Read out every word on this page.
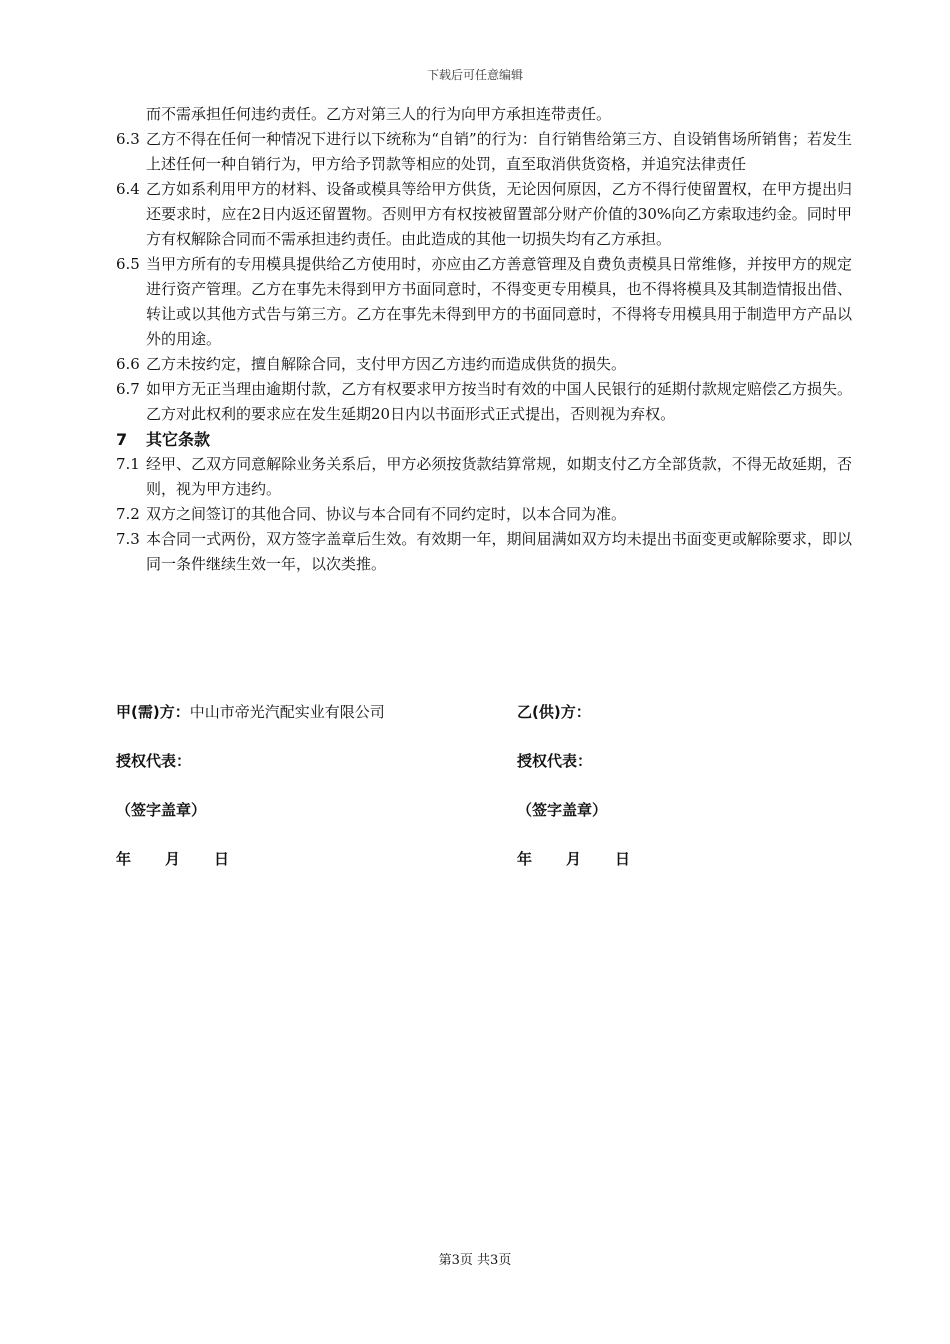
下载后可任意编辑
而不需承担任何违约责任。乙方对第三人的行为向甲方承担连带责任。
6.3 乙方不得在任何一种情况下进行以下统称为“自销”的行为：自行销售给第三方、自设销售场所销售；若发生上述任何一种自销行为，甲方给予罚款等相应的处罚，直至取消供货资格，并追究法律责任
6.4 乙方如系利用甲方的材料、设备或模具等给甲方供货，无论因何原因，乙方不得行使留置权，在甲方提出归还要求时，应在2日内返还留置物。否则甲方有权按被留置部分财产价值的30%向乙方索取违约金。同时甲方有权解除合同而不需承担违约责任。由此造成的其他一切损失均有乙方承担。
6.5 当甲方所有的专用模具提供给乙方使用时，亦应由乙方善意管理及自费负责模具日常维修，并按甲方的规定进行资产管理。乙方在事先未得到甲方书面同意时，不得变更专用模具，也不得将模具及其制造情报出借、转让或以其他方式告与第三方。乙方在事先未得到甲方的书面同意时，不得将专用模具用于制造甲方产品以外的用途。
6.6 乙方未按约定，擅自解除合同，支付甲方因乙方违约而造成供货的损失。
6.7 如甲方无正当理由逾期付款，乙方有权要求甲方按当时有效的中国人民银行的延期付款规定赔偿乙方损失。乙方对此权利的要求应在发生延期20日内以书面形式正式提出，否则视为弃权。
7 其它条款
7.1 经甲、乙双方同意解除业务关系后，甲方必须按货款结算常规，如期支付乙方全部货款，不得无故延期，否则，视为甲方违约。
7.2 双方之间签订的其他合同、协议与本合同有不同约定时，以本合同为准。
7.3 本合同一式两份，双方签字盖章后生效。有效期一年，期间届满如双方均未提出书面变更或解除要求，即以同一条件继续生效一年，以次类推。
甲(需)方：中山市帝光汽配实业有限公司	乙(供)方：
授权代表：	授权代表：
（签字盖章）	（签字盖章）
年 月 日	年 月 日
第3页 共3页
